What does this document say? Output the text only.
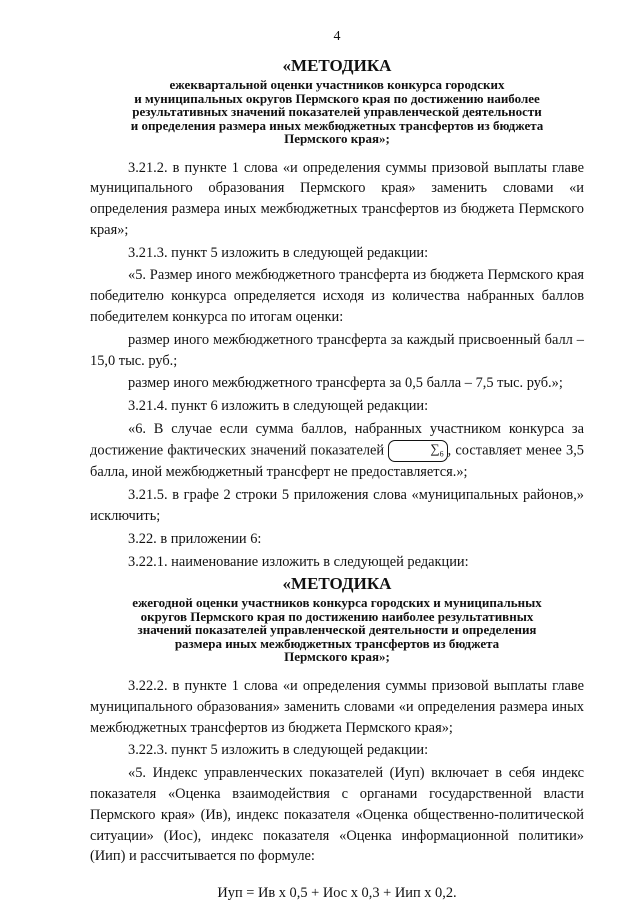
4
«МЕТОДИКА
ежеквартальной оценки участников конкурса городских
и муниципальных округов Пермского края по достижению наиболее
результативных значений показателей управленческой деятельности
и определения размера иных межбюджетных трансфертов из бюджета
Пермского края»;

3.21.2. в пункте 1 слова «и определения суммы призовой выплаты главе муниципального образования Пермского края» заменить словами «и определения размера иных межбюджетных трансфертов из бюджета Пермского края»;

3.21.3. пункт 5 изложить в следующей редакции:

«5. Размер иного межбюджетного трансферта из бюджета Пермского края победителю конкурса определяется исходя из количества набранных баллов победителем конкурса по итогам оценки:

размер иного межбюджетного трансферта за каждый присвоенный балл – 15,0 тыс. руб.;

размер иного межбюджетного трансферта за 0,5 балла – 7,5 тыс. руб.»;

3.21.4. пункт 6 изложить в следующей редакции:

«6. В случае если сумма баллов, набранных участником конкурса за достижение фактических значений показателей	$\sum_6$ , составляет менее 3,5 балла, иной межбюджетный трансферт не предоставляется.»;

3.21.5. в графе 2 строки 5 приложения слова «муниципальных районов,» исключить;

3.22. в приложении 6:

3.22.1. наименование изложить в следующей редакции:

«МЕТОДИКА
ежегодной оценки участников конкурса городских и муниципальных
округов Пермского края по достижению наиболее результативных
значений показателей управленческой деятельности и определения
размера иных межбюджетных трансфертов из бюджета
Пермского края»;

3.22.2. в пункте 1 слова «и определения суммы призовой выплаты главе муниципального образования» заменить словами «и определения размера иных межбюджетных трансфертов из бюджета Пермского края»;

3.22.3. пункт 5 изложить в следующей редакции:

«5. Индекс управленческих показателей (Иуп) включает в себя индекс показателя «Оценка взаимодействия с органами государственной власти Пермского края» (Ив), индекс показателя «Оценка общественно-политической ситуации» (Иос), индекс показателя «Оценка информационной политики» (Иип) и рассчитывается по формуле:

Иуп = Ив х 0,5 + Иос х 0,3 + Иип х 0,2.
